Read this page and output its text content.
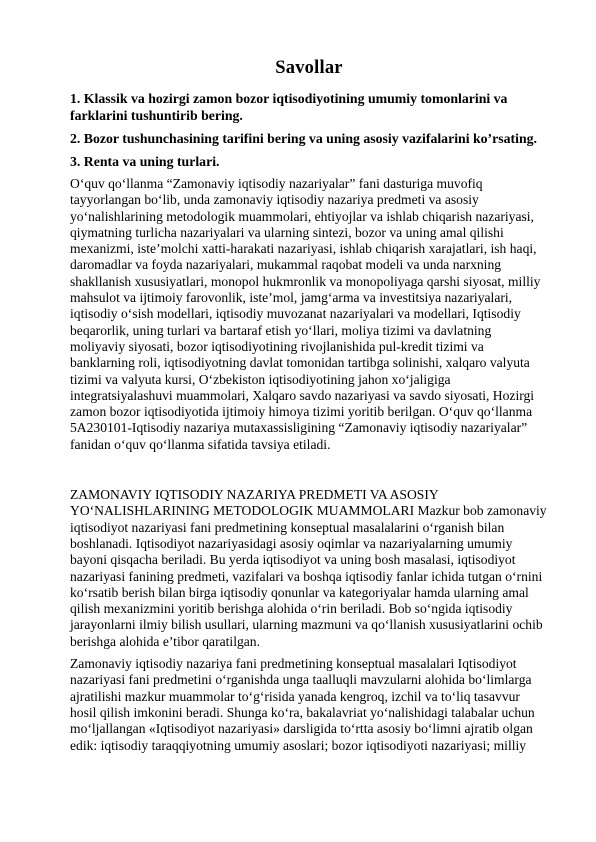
Savollar
1. Klassik va hozirgi zamon bozor iqtisodiyotining umumiy tomonlarini va farklarini tushuntirib bering.
2. Bozor tushunchasining tarifini bering va uning asosiy vazifalarini ko’rsating.
3. Renta va uning turlari.
O‘quv qo‘llanma “Zamonaviy iqtisodiy nazariyalar” fani dasturiga muvofiq tayyorlangan bo‘lib, unda zamonaviy iqtisodiy nazariya predmeti va asosiy yo‘nalishlarining metodologik muammolari, ehtiyojlar va ishlab chiqarish nazariyasi, qiymatning turlicha nazariyalari va ularning sintezi, bozor va uning amal qilishi mexanizmi, iste’molchi xatti-harakati nazariyasi, ishlab chiqarish xarajatlari, ish haqi, daromadlar va foyda nazariyalari, mukammal raqobat modeli va unda narxning shakllanish xususiyatlari, monopol hukmronlik va monopoliyaga qarshi siyosat, milliy mahsulot va ijtimoiy farovonlik, iste’mol, jamg‘arma va investitsiya nazariyalari, iqtisodiy o‘sish modellari, iqtisodiy muvozanat nazariyalari va modellari, Iqtisodiy beqarorlik, uning turlari va bartaraf etish yo‘llari, moliya tizimi va davlatning moliyaviy siyosati, bozor iqtisodiyotining rivojlanishida pul-kredit tizimi va banklarning roli, iqtisodiyotning davlat tomonidan tartibga solinishi, xalqaro valyuta tizimi va valyuta kursi, O‘zbekiston iqtisodiyotining jahon xo‘jaligiga integratsiyalashuvi muammolari, Xalqaro savdo nazariyasi va savdo siyosati, Hozirgi zamon bozor iqtisodiyotida ijtimoiy himoya tizimi yoritib berilgan. O‘quv qo‘llanma 5A230101-Iqtisodiy nazariya mutaxassisligining “Zamonaviy iqtisodiy nazariyalar” fanidan o‘quv qo‘llanma sifatida tavsiya etiladi.
ZAMONAVIY IQTISODIY NAZARIYA PREDMETI VA ASOSIY YO‘NALISHLARINING METODOLOGIK MUAMMOLARI Mazkur bob zamonaviy iqtisodiyot nazariyasi fani predmetining konseptual masalalarini o‘rganish bilan boshlanadi. Iqtisodiyot nazariyasidagi asosiy oqimlar va nazariyalarning umumiy bayoni qisqacha beriladi. Bu yerda iqtisodiyot va uning bosh masalasi, iqtisodiyot nazariyasi fanining predmeti, vazifalari va boshqa iqtisodiy fanlar ichida tutgan o‘rnini ko‘rsatib berish bilan birga iqtisodiy qonunlar va kategoriyalar hamda ularning amal qilish mexanizmini yoritib berishga alohida o‘rin beriladi. Bob so‘ngida iqtisodiy jarayonlarni ilmiy bilish usullari, ularning mazmuni va qo‘llanish xususiyatlarini ochib berishga alohida e’tibor qaratilgan.
Zamonaviy iqtisodiy nazariya fani predmetining konseptual masalalari Iqtisodiyot nazariyasi fani predmetini o‘rganishda unga taalluqli mavzularni alohida bo‘limlarga ajratilishi mazkur muammolar to‘g‘risida yanada kengroq, izchil va to‘liq tasavvur hosil qilish imkonini beradi. Shunga ko‘ra, bakalavriat yo‘nalishidagi talabalar uchun mo‘ljallangan «Iqtisodiyot nazariyasi» darsligida to‘rtta asosiy bo‘limni ajratib olgan edik: iqtisodiy taraqqiyotning umumiy asoslari; bozor iqtisodiyoti nazariyasi; milliy
